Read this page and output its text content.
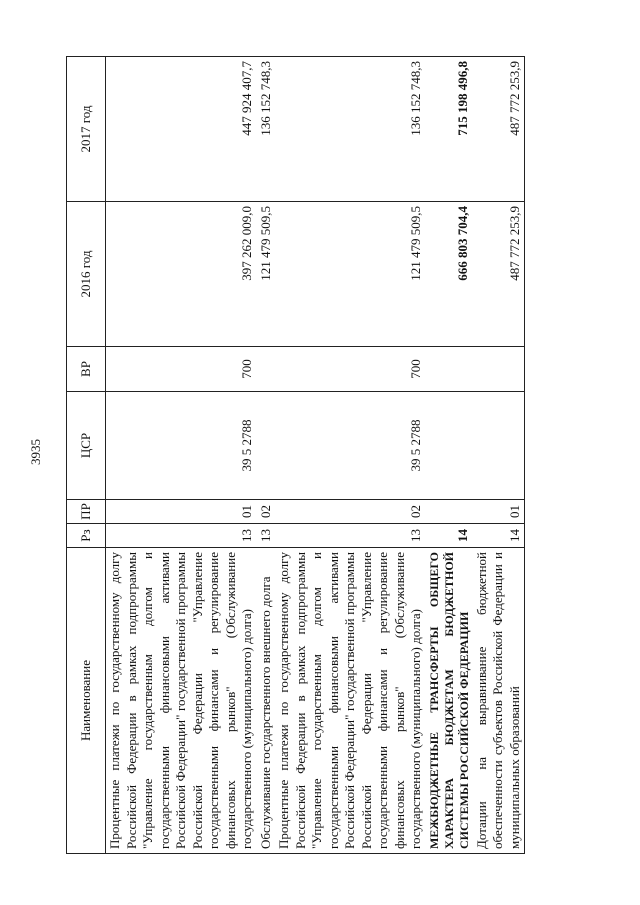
3935
Наименование	Рз	ПР	ЦСР	ВР	2016 год	2017 год
Процентные платежи по государственному долгу Российской Федерации в рамках подпрограммы "Управление государственным долгом и государственными финансовыми активами Российской Федерации" государственной программы Российской Федерации "Управление государственными финансами и регулирование финансовых рынков" (Обслуживание государственного (муниципального) долга)	13	01	39 5 2788	700	397 262 009,0	447 924 407,7
Обслуживание государственного внешнего долга	13	02			121 479 509,5	136 152 748,3
Процентные платежи по государственному долгу Российской Федерации в рамках подпрограммы "Управление государственным долгом и государственными финансовыми активами Российской Федерации" государственной программы Российской Федерации "Управление государственными финансами и регулирование финансовых рынков" (Обслуживание государственного (муниципального) долга)	13	02	39 5 2788	700	121 479 509,5	136 152 748,3
МЕЖБЮДЖЕТНЫЕ ТРАНСФЕРТЫ ОБЩЕГО ХАРАКТЕРА БЮДЖЕТАМ БЮДЖЕТНОЙ СИСТЕМЫ РОССИЙСКОЙ ФЕДЕРАЦИИ	14				666 803 704,4	715 198 496,8
Дотации на выравнивание бюджетной обеспеченности субъектов Российской Федерации и муниципальных образований	14	01			487 772 253,9	487 772 253,9
